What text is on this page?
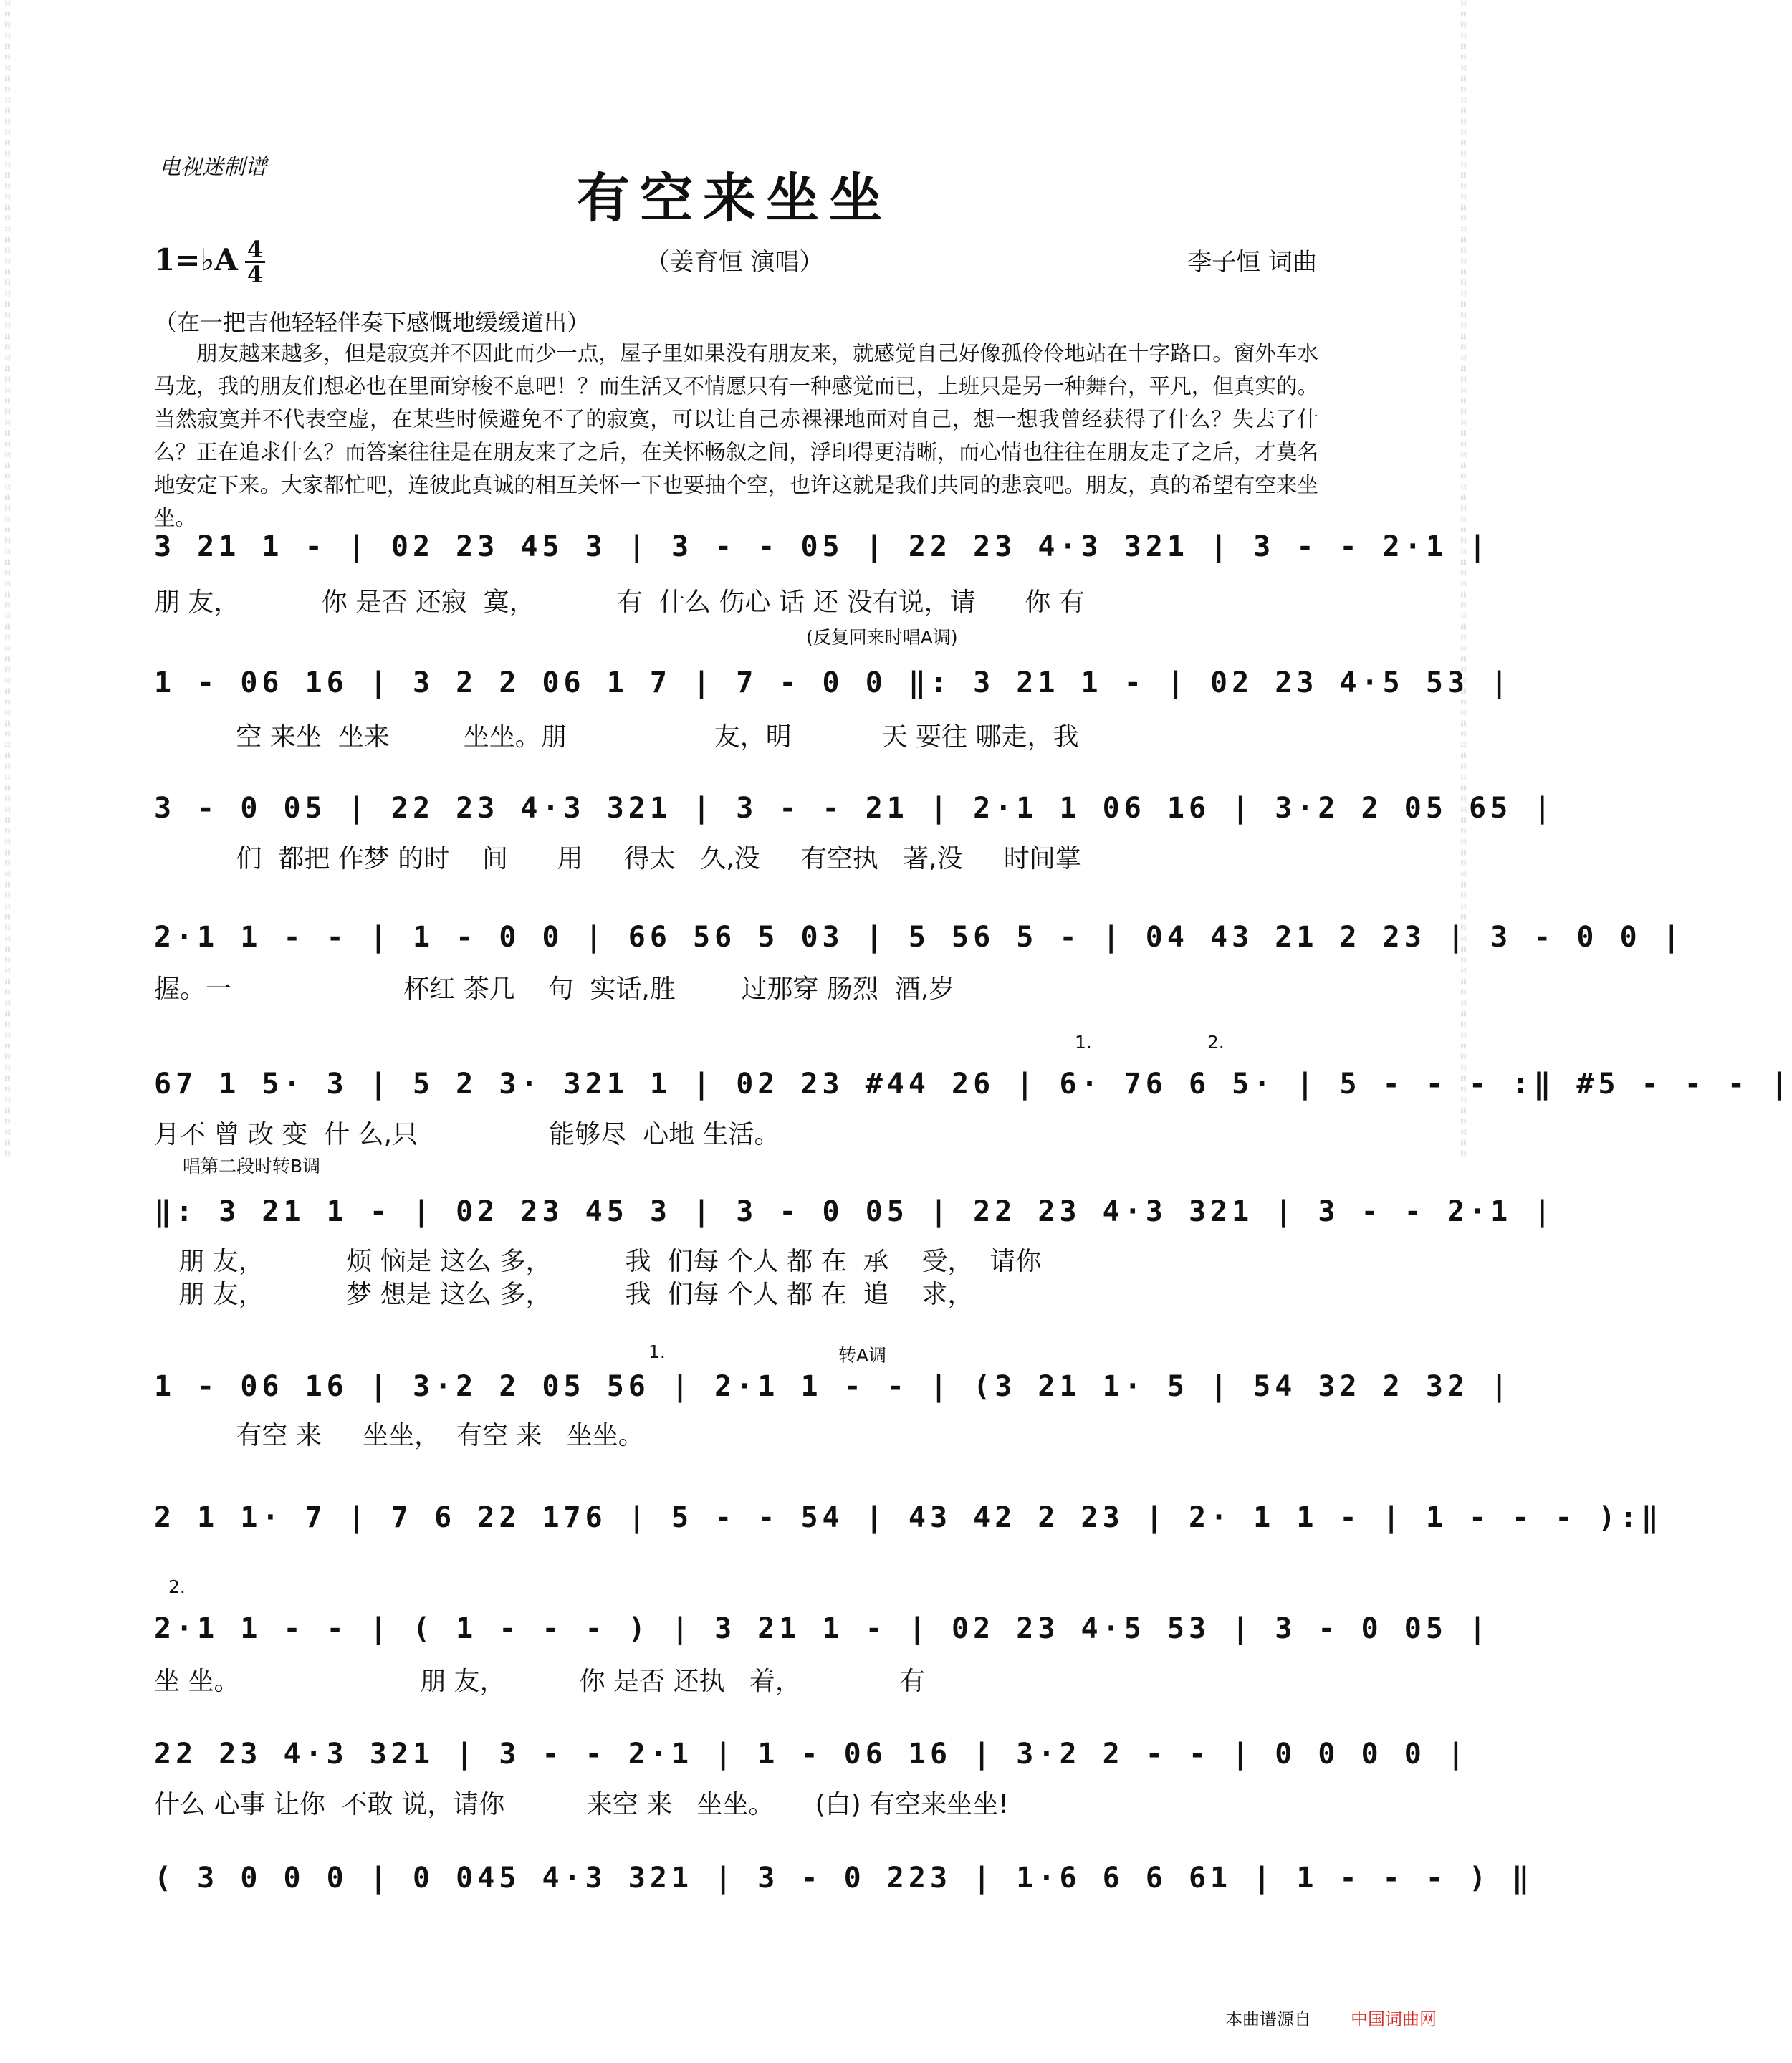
词曲网词曲网词曲网词曲网词曲网词曲网词曲网词曲网词曲网词曲网词曲网词曲网词曲网词曲网词曲网词曲网词曲网词曲网词曲网词曲网词曲网词曲网词曲网词曲网词曲网词曲网词曲网词曲网词曲网词曲网词曲网词曲网词曲网词曲网词曲网词曲网	词曲网词曲网词曲网词曲网词曲网词曲网词曲网词曲网词曲网词曲网词曲网词曲网词曲网词曲网词曲网词曲网词曲网词曲网词曲网词曲网词曲网词曲网词曲网词曲网词曲网词曲网词曲网词曲网词曲网词曲网词曲网词曲网词曲网词曲网词曲网词曲网
电视迷制谱
有空来坐坐
1=♭A 4
4	（姜育恒 演唱）	李子恒 词曲
（在一把吉他轻轻伴奏下感慨地缓缓道出）
朋友越来越多，但是寂寞并不因此而少一点，屋子里如果没有朋友来，就感觉自己好像孤伶伶地站在十字路口。窗外车水马龙，我的朋友们想必也在里面穿梭不息吧！？而生活又不情愿只有一种感觉而已，上班只是另一种舞台，平凡，但真实的。当然寂寞并不代表空虚，在某些时候避免不了的寂寞，可以让自己赤裸裸地面对自己，想一想我曾经获得了什么？失去了什么？正在追求什么？而答案往往是在朋友来了之后，在关怀畅叙之间，浮印得更清晰，而心情也往往在朋友走了之后，才莫名地安定下来。大家都忙吧，连彼此真诚的相互关怀一下也要抽个空，也许这就是我们共同的悲哀吧。朋友，真的希望有空来坐坐。
3 21 1 - | 02 23 45 3 | 3 - - 05 | 22 23 4·3 321 | 3 - - 2·1 |
朋 友，          你 是否 还寂  寞，          有  什么 伤心 话 还 没有说，请      你 有
(反复回来时唱A调)
1 - 06 16 | 3 2 2 06 1 7 | 7 - 0 0 ‖: 3 21 1 - | 02 23 4·5 53 |
空 来坐  坐来         坐坐。朋                  友，明           天 要往 哪走，我
3 - 0 05 | 22 23 4·3 321 | 3 - - 21 | 2·1 1 06 16 | 3·2 2 05 65 |
们  都把 作梦 的时    间      用     得太   久,没     有空执   著,没     时间掌
2·1 1 - - | 1 - 0 0 | 66 56 5 03 | 5 56 5 - | 04 43 21 2 23 | 3 - 0 0 |
握。一                     杯红 茶几    句  实话,胜        过那穿 肠烈  酒,岁
1.	2.
67 1 5· 3 | 5 2 3· 321 1 | 02 23 #44 26 | 6· 76 6 5· | 5 - - - :‖ #5 - - - |
月不 曾 改 变  什 么,只                能够尽  心地 生活。
唱第二段时转B调
‖: 3 21 1 - | 02 23 45 3 | 3 - 0 05 | 22 23 4·3 321 | 3 - - 2·1 |
朋 友，          烦 恼是 这么 多，         我  们每 个人 都 在  承    受，  请你
朋 友，          梦 想是 这么 多，         我  们每 个人 都 在  追    求，
1.	转A调
1 - 06 16 | 3·2 2 05 56 | 2·1 1 - - | (3 21 1· 5 | 54 32 2 32 |
有空 来     坐坐，  有空 来   坐坐。
2 1 1· 7 | 7 6 22 176 | 5 - - 54 | 43 42 2 23 | 2· 1 1 - | 1 - - - ):‖
2.
2·1 1 - - | ( 1 - - - ) | 3 21 1 - | 02 23 4·5 53 | 3 - 0 05 |
坐 坐。                      朋 友，         你 是否 还执   着，            有
22 23 4·3 321 | 3 - - 2·1 | 1 - 06 16 | 3·2 2 - - | 0 0 0 0 |
什么 心事 让你  不敢 说，请你          来空 来   坐坐。     (白) 有空来坐坐!
( 3 0 0 0 | 0 045 4·3 321 | 3 - 0 223 | 1·6 6 6 61 | 1 - - - ) ‖
本曲谱源自 中国词曲网
